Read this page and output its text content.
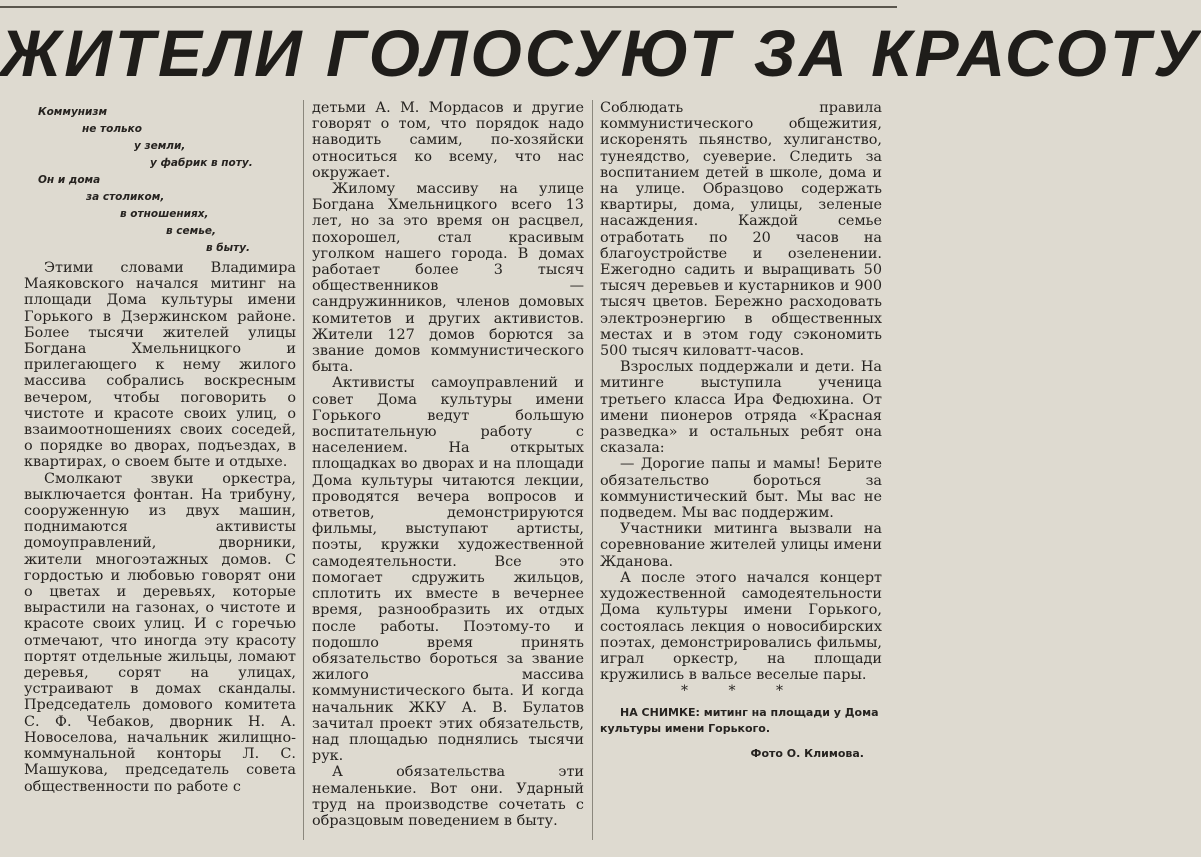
ЖИТЕЛИ ГОЛОСУЮТ ЗА КРАСОТУ
Коммунизм
не только
у земли,
у фабрик в поту.
Он и дома
за столиком,
в отношениях,
в семье,
в быту.

Этими словами Владимира Маяковского начался митинг на площади Дома культуры имени Горького в Дзержинском районе. Более тысячи жителей улицы Богдана Хмельницкого и прилегающего к нему жилого массива собрались воскресным вечером, чтобы поговорить о чистоте и красоте своих улиц, о взаимоотношениях своих соседей, о порядке во дворах, подъездах, в квартирах, о своем быте и отдыхе.

Смолкают звуки оркестра, выключается фонтан. На трибуну, сооруженную из двух машин, поднимаются активисты домоуправлений, дворники, жители многоэтажных домов. С гордостью и любовью говорят они о цветах и деревьях, которые вырастили на газонах, о чистоте и красоте своих улиц. И с горечью отмечают, что иногда эту красоту портят отдельные жильцы, ломают деревья, сорят на улицах, устраивают в домах скандалы. Председатель домового комитета С. Ф. Чебаков, дворник Н. А. Новоселова, начальник жилищно-коммунальной конторы Л. С. Машукова, председатель совета общественности по работе с

детьми А. М. Мордасов и другие говорят о том, что порядок надо наводить самим, по-хозяйски относиться ко всему, что нас окружает.

Жилому массиву на улице Богдана Хмельницкого всего 13 лет, но за это время он расцвел, похорошел, стал красивым уголком нашего города. В домах работает более 3 тысяч общественников — сандружинников, членов домовых комитетов и других активистов. Жители 127 домов борются за звание домов коммунистического быта.

Активисты самоуправлений и совет Дома культуры имени Горького ведут большую воспитательную работу с населением. На открытых площадках во дворах и на площади Дома культуры читаются лекции, проводятся вечера вопросов и ответов, демонстрируются фильмы, выступают артисты, поэты, кружки художественной самодеятельности. Все это помогает сдружить жильцов, сплотить их вместе в вечернее время, разнообразить их отдых после работы. Поэтому-то и подошло время принять обязательство бороться за звание жилого массива коммунистического быта. И когда начальник ЖКУ А. В. Булатов зачитал проект этих обязательств, над площадью поднялись тысячи рук.

А обязательства эти немаленькие. Вот они. Ударный труд на производстве сочетать с образцовым поведением в быту.

Соблюдать правила коммунистического общежития, искоренять пьянство, хулиганство, тунеядство, суеверие. Следить за воспитанием детей в школе, дома и на улице. Образцово содержать квартиры, дома, улицы, зеленые насаждения. Каждой семье отработать по 20 часов на благоустройстве и озеленении. Ежегодно садить и выращивать 50 тысяч деревьев и кустарников и 900 тысяч цветов. Бережно расходовать электроэнергию в общественных местах и в этом году сэкономить 500 тысяч киловатт-часов.

Взрослых поддержали и дети. На митинге выступила ученица третьего класса Ира Федюхина. От имени пионеров отряда «Красная разведка» и остальных ребят она сказала:

— Дорогие папы и мамы! Берите обязательство бороться за коммунистический быт. Мы вас не подведем. Мы вас поддержим.

Участники митинга вызвали на соревнование жителей улицы имени Жданова.

А после этого начался концерт художественной самодеятельности Дома культуры имени Горького, состоялась лекция о новосибирских поэтах, демонстрировались фильмы, играл оркестр, на площади кружились в вальсе веселые пары.

* * *

НА СНИМКЕ: митинг на площади у Дома культуры имени Горького.
Фото О. Климова.
